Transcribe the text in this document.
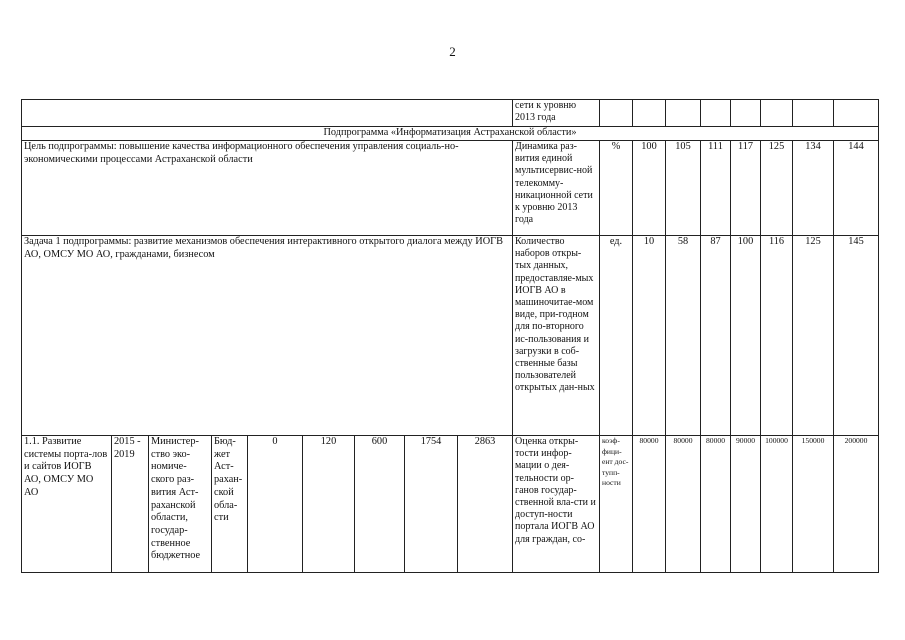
2
									сети к уровню 2013 года								
Подпрограмма «Информатизация Астраханской области»																	
Цель подпрограммы: повышение качества информационного обеспечения управления социаль-но-экономическими процессами Астраханской области									Динамика раз-вития единой мультисервис-ной телекомму-никационной сети к уровню 2013 года	%	100	105	111	117	125	134	144
Задача 1 подпрограммы: развитие механизмов обеспечения интерактивного открытого диалога между ИОГВ АО, ОМСУ МО АО, гражданами, бизнесом									Количество наборов откры-тых данных, предоставляе-мых ИОГВ АО в машиночитае-мом виде, при-годном для по-вторного ис-пользования и загрузки в соб-ственные базы пользователей открытых дан-ных	ед.	10	58	87	100	116	125	145
1.1. Развитие системы порта-лов и сайтов ИОГВ АО, ОМСУ МО АО	2015 - 2019	Министер-ство эко-номиче-ского раз-вития Аст-раханской области, государ-ственное бюджетное	Бюд-жет Аст-рахан-ской обла-сти	0	120	600	1754	2863	Оценка откры-тости инфор-мации о дея-тельности ор-ганов государ-ственной вла-сти и доступ-ности портала ИОГВ АО для граждан, со-	коэф-фици-ент дос-тупп-ности	80000	80000	80000	90000	100000	150000	200000
